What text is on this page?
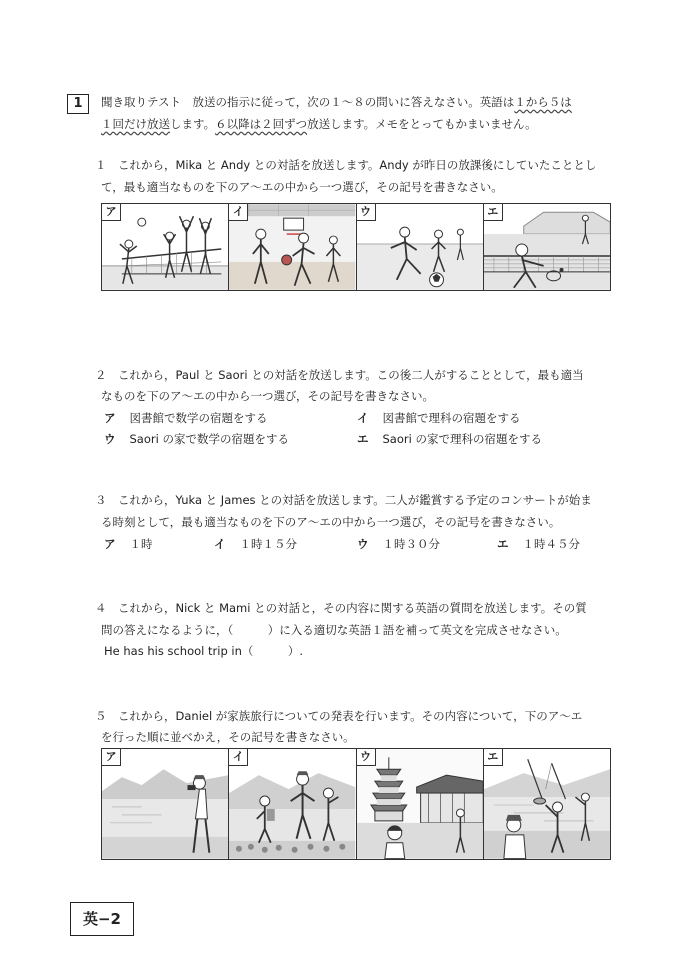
1	聞き取りテスト　放送の指示に従って，次の１～８の問いに答えなさい。英語は１から５は
１回だけ放送します。６以降は２回ずつ放送します。メモをとってもかまいません。
１　これから，Mika と Andy との対話を放送します。Andy が昨日の放課後にしていたこととし
て，最も適当なものを下のア～エの中から一つ選び，その記号を書きなさい。
ア	イ	ウ	エ
２　これから，Paul と Saori との対話を放送します。この後二人がすることとして，最も適当
なものを下のア～エの中から一つ選び，その記号を書きなさい。
ア 図書館で数学の宿題をする	イ 図書館で理科の宿題をする
ウ Saori の家で数学の宿題をする	エ Saori の家で理科の宿題をする
３　これから，Yuka と James との対話を放送します。二人が鑑賞する予定のコンサートが始ま
る時刻として，最も適当なものを下のア～エの中から一つ選び，その記号を書きなさい。
ア １時	イ １時１５分	ウ １時３０分	エ １時４５分
４　これから，Nick と Mami との対話と，その内容に関する英語の質問を放送します。その質
問の答えになるように，（　　　）に入る適切な英語１語を補って英文を完成させなさい。
He has his school trip in（　　　）.
５　これから，Daniel が家族旅行についての発表を行います。その内容について，下のア～エ
を行った順に並べかえ，その記号を書きなさい。
ア	イ	ウ	エ
英−2
